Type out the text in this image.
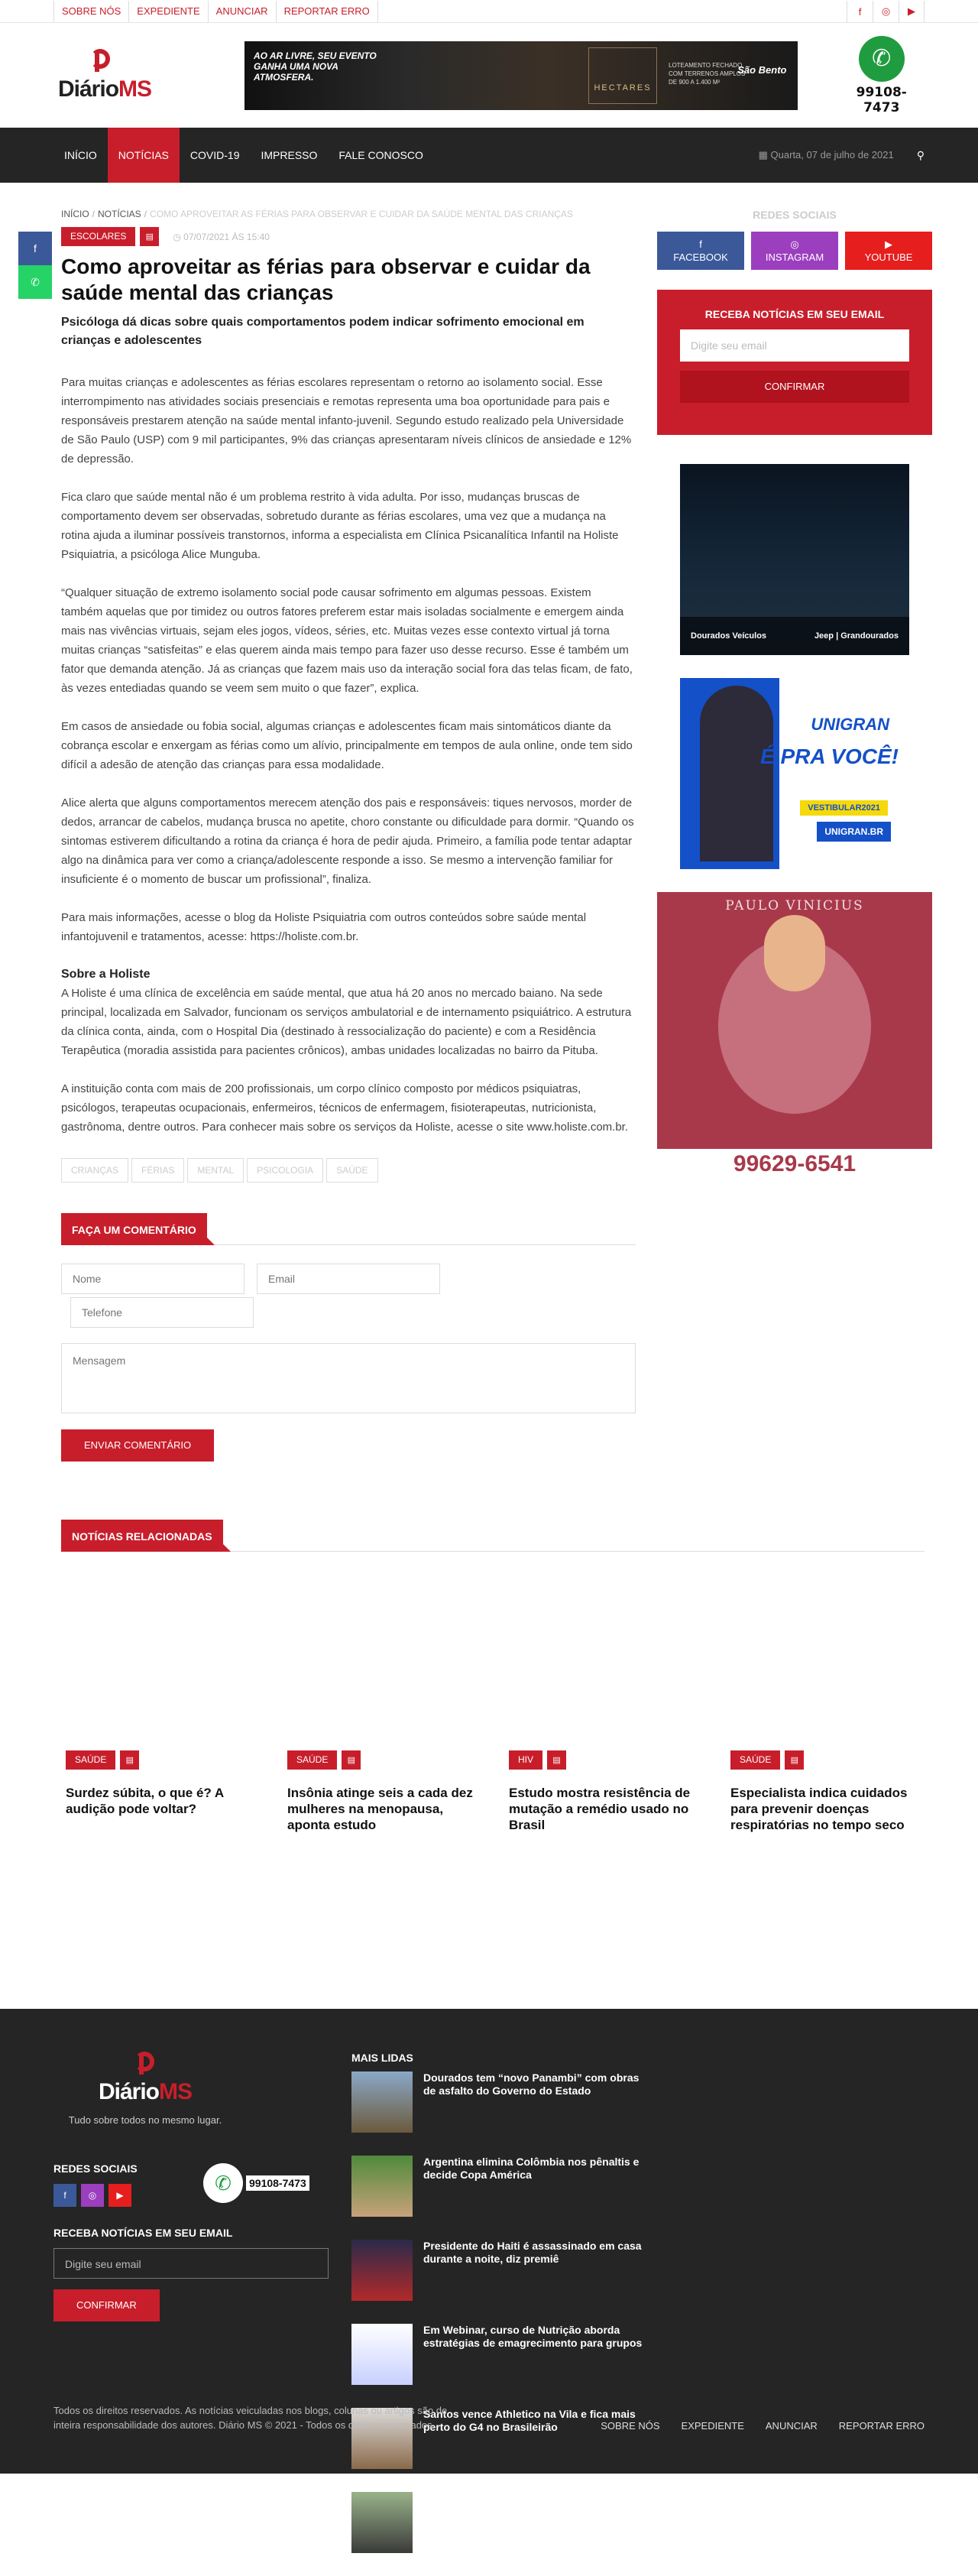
SOBRE NÓS	EXPEDIENTE	ANUNCIAR	REPORTAR ERRO	f	◎	▶
DiárioMS
AO AR LIVRE, SEU EVENTO GANHA UMA NOVA ATMOSFERA.
HECTARES
LOTEAMENTO FECHADO COM TERRENOS AMPLOS DE 900 A 1.400 M²
São Bento	✆
99108-7473
INÍCIO	NOTÍCIAS	COVID-19	IMPRESSO	FALE CONOSCO	▦ Quarta, 07 de julho de 2021 ⚲
f
✆
INÍCIO / NOTÍCIAS / COMO APROVEITAR AS FÉRIAS PARA OBSERVAR E CUIDAR DA SAÚDE MENTAL DAS CRIANÇAS
ESCOLARES	▤	◷ 07/07/2021 ÀS 15:40
Como aproveitar as férias para observar e cuidar da saúde mental das crianças
Psicóloga dá dicas sobre quais comportamentos podem indicar sofrimento emocional em crianças e adolescentes

Para muitas crianças e adolescentes as férias escolares representam o retorno ao isolamento social. Esse interrompimento nas atividades sociais presenciais e remotas representa uma boa oportunidade para pais e responsáveis prestarem atenção na saúde mental infanto-juvenil. Segundo estudo realizado pela Universidade de São Paulo (USP) com 9 mil participantes, 9% das crianças apresentaram níveis clínicos de ansiedade e 12% de depressão.

Fica claro que saúde mental não é um problema restrito à vida adulta. Por isso, mudanças bruscas de comportamento devem ser observadas, sobretudo durante as férias escolares, uma vez que a mudança na rotina ajuda a iluminar possíveis transtornos, informa a especialista em Clínica Psicanalítica Infantil na Holiste Psiquiatria, a psicóloga Alice Munguba.

“Qualquer situação de extremo isolamento social pode causar sofrimento em algumas pessoas. Existem também aquelas que por timidez ou outros fatores preferem estar mais isoladas socialmente e emergem ainda mais nas vivências virtuais, sejam eles jogos, vídeos, séries, etc. Muitas vezes esse contexto virtual já torna muitas crianças “satisfeitas” e elas querem ainda mais tempo para fazer uso desse recurso. Esse é também um fator que demanda atenção. Já as crianças que fazem mais uso da interação social fora das telas ficam, de fato, às vezes entediadas quando se veem sem muito o que fazer”, explica.

Em casos de ansiedade ou fobia social, algumas crianças e adolescentes ficam mais sintomáticos diante da cobrança escolar e enxergam as férias como um alívio, principalmente em tempos de aula online, onde tem sido difícil a adesão de atenção das crianças para essa modalidade.

Alice alerta que alguns comportamentos merecem atenção dos pais e responsáveis: tiques nervosos, morder de dedos, arrancar de cabelos, mudança brusca no apetite, choro constante ou dificuldade para dormir. “Quando os sintomas estiverem dificultando a rotina da criança é hora de pedir ajuda. Primeiro, a família pode tentar adaptar algo na dinâmica para ver como a criança/adolescente responde a isso. Se mesmo a intervenção familiar for insuficiente é o momento de buscar um profissional”, finaliza.

Para mais informações, acesse o blog da Holiste Psiquiatria com outros conteúdos sobre saúde mental infantojuvenil e tratamentos, acesse: https://holiste.com.br.

Sobre a Holiste

A Holiste é uma clínica de excelência em saúde mental, que atua há 20 anos no mercado baiano. Na sede principal, localizada em Salvador, funcionam os serviços ambulatorial e de internamento psiquiátrico. A estrutura da clínica conta, ainda, com o Hospital Dia (destinado à ressocialização do paciente) e com a Residência Terapêutica (moradia assistida para pacientes crônicos), ambas unidades localizadas no bairro da Pituba.

A instituição conta com mais de 200 profissionais, um corpo clínico composto por médicos psiquiatras, psicólogos, terapeutas ocupacionais, enfermeiros, técnicos de enfermagem, fisioterapeutas, nutricionista, gastrônoma, dentre outros. Para conhecer mais sobre os serviços da Holiste, acesse o site www.holiste.com.br.

CRIANÇAS	FÉRIAS	MENTAL	PSICOLOGIA	SAÚDE
FAÇA UM COMENTÁRIO
Nome
Email
Telefone
Mensagem
ENVIAR COMENTÁRIO
REDES SOCIAIS
f
FACEBOOK
◎
INSTAGRAM
▶
YOUTUBE
RECEBA NOTÍCIAS EM SEU EMAIL
Digite seu email
CONFIRMAR
Dourados Veículos	Jeep | Grandourados
UNIGRAN
É PRA VOCÊ!
VESTIBULAR2021
UNIGRAN.BR
PAULO VINICIUS
99629-6541
NOTÍCIAS RELACIONADAS
SAÚDE	▤
Surdez súbita, o que é? A audição pode voltar?
SAÚDE	▤
Insônia atinge seis a cada dez mulheres na menopausa, aponta estudo
HIV	▤
Estudo mostra resistência de mutação a remédio usado no Brasil
SAÚDE	▤
Especialista indica cuidados para prevenir doenças respiratórias no tempo seco
DiárioMS
Tudo sobre todos no mesmo lugar.
REDES SOCIAIS
f	◎	▶
✆	99108-7473
RECEBA NOTÍCIAS EM SEU EMAIL
Digite seu email
CONFIRMAR
MAIS LIDAS

Dourados tem “novo Panambi” com obras de asfalto do Governo do Estado

Argentina elimina Colômbia nos pênaltis e decide Copa América

Presidente do Haiti é assassinado em casa durante a noite, diz premiê

Em Webinar, curso de Nutrição aborda estratégias de emagrecimento para grupos

Santos vence Athletico na Vila e fica mais perto do G4 no Brasileirão

Viúva de Chico Anysio segue internada em estado grave, mas estável

Todos os direitos reservados. As notícias veiculadas nos blogs, colunas ou artigos são de inteira responsabilidade dos autores. Diário MS © 2021 - Todos os direitos reservados.	SOBRE NÓS EXPEDIENTE ANUNCIAR REPORTAR ERRO
